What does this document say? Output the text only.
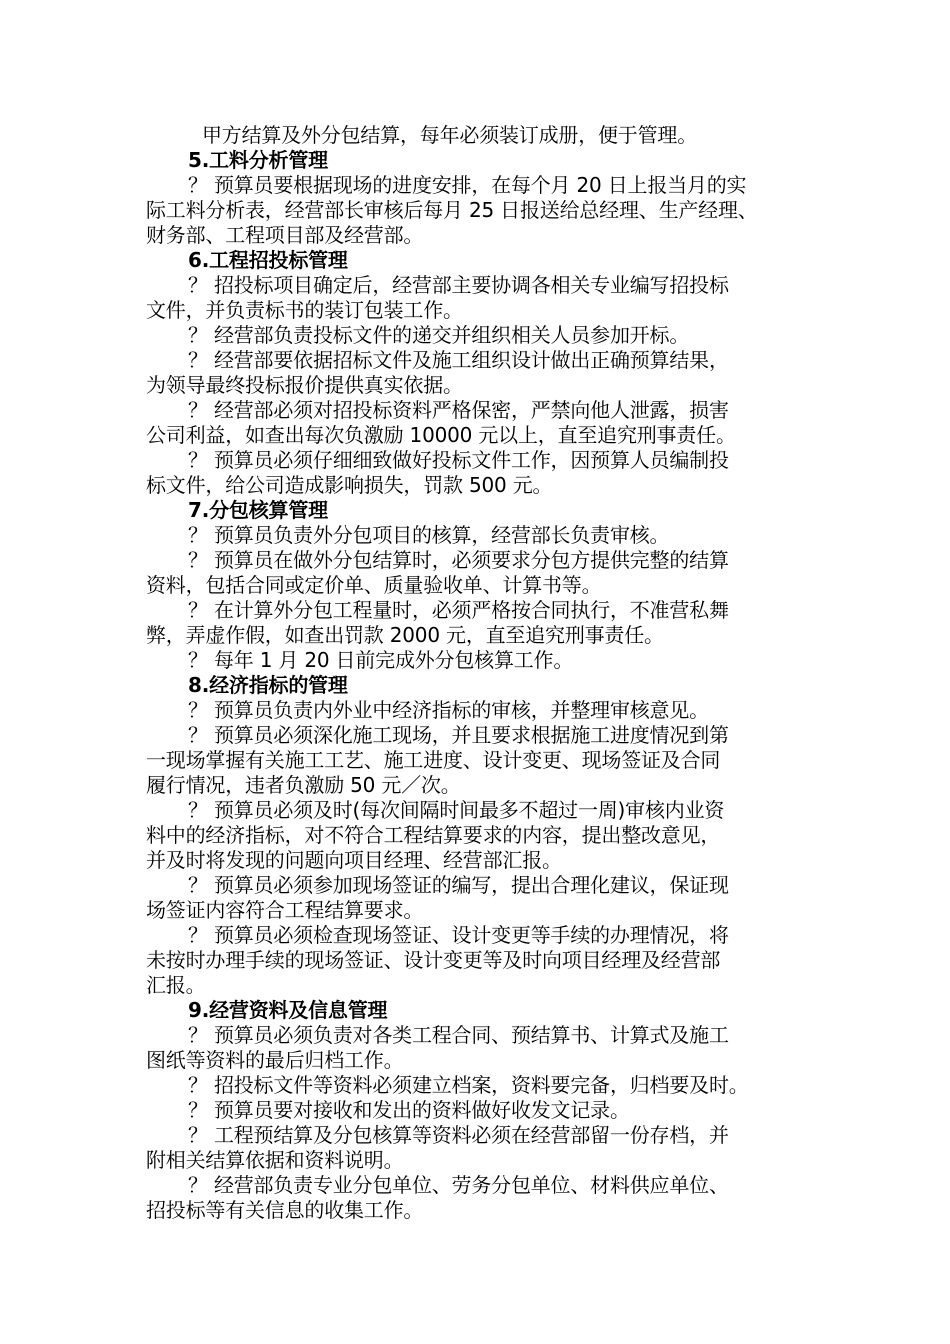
甲方结算及外分包结算，每年必须装订成册，便于管理。
5.工料分析管理
？ 预算员要根据现场的进度安排，在每个月 20 日上报当月的实
际工料分析表，经营部长审核后每月 25 日报送给总经理、生产经理、
财务部、工程项目部及经营部。
6.工程招投标管理
？ 招投标项目确定后，经营部主要协调各相关专业编写招投标
文件，并负责标书的装订包装工作。
？ 经营部负责投标文件的递交并组织相关人员参加开标。
？ 经营部要依据招标文件及施工组织设计做出正确预算结果，
为领导最终投标报价提供真实依据。
？ 经营部必须对招投标资料严格保密，严禁向他人泄露，损害
公司利益，如查出每次负激励 10000 元以上，直至追究刑事责任。
？ 预算员必须仔细细致做好投标文件工作，因预算人员编制投
标文件，给公司造成影响损失，罚款 500 元。
7.分包核算管理
？ 预算员负责外分包项目的核算，经营部长负责审核。
？ 预算员在做外分包结算时，必须要求分包方提供完整的结算
资料，包括合同或定价单、质量验收单、计算书等。
？ 在计算外分包工程量时，必须严格按合同执行，不准营私舞
弊，弄虚作假，如查出罚款 2000 元，直至追究刑事责任。
？ 每年 1 月 20 日前完成外分包核算工作。
8.经济指标的管理
？ 预算员负责内外业中经济指标的审核，并整理审核意见。
？ 预算员必须深化施工现场，并且要求根据施工进度情况到第
一现场掌握有关施工工艺、施工进度、设计变更、现场签证及合同
履行情况，违者负激励 50 元／次。
？ 预算员必须及时(每次间隔时间最多不超过一周)审核内业资
料中的经济指标，对不符合工程结算要求的内容，提出整改意见，
并及时将发现的问题向项目经理、经营部汇报。
？ 预算员必须参加现场签证的编写，提出合理化建议，保证现
场签证内容符合工程结算要求。
？ 预算员必须检查现场签证、设计变更等手续的办理情况，将
未按时办理手续的现场签证、设计变更等及时向项目经理及经营部
汇报。
9.经营资料及信息管理
？ 预算员必须负责对各类工程合同、预结算书、计算式及施工
图纸等资料的最后归档工作。
？ 招投标文件等资料必须建立档案，资料要完备，归档要及时。
？ 预算员要对接收和发出的资料做好收发文记录。
？ 工程预结算及分包核算等资料必须在经营部留一份存档，并
附相关结算依据和资料说明。
？ 经营部负责专业分包单位、劳务分包单位、材料供应单位、
招投标等有关信息的收集工作。
